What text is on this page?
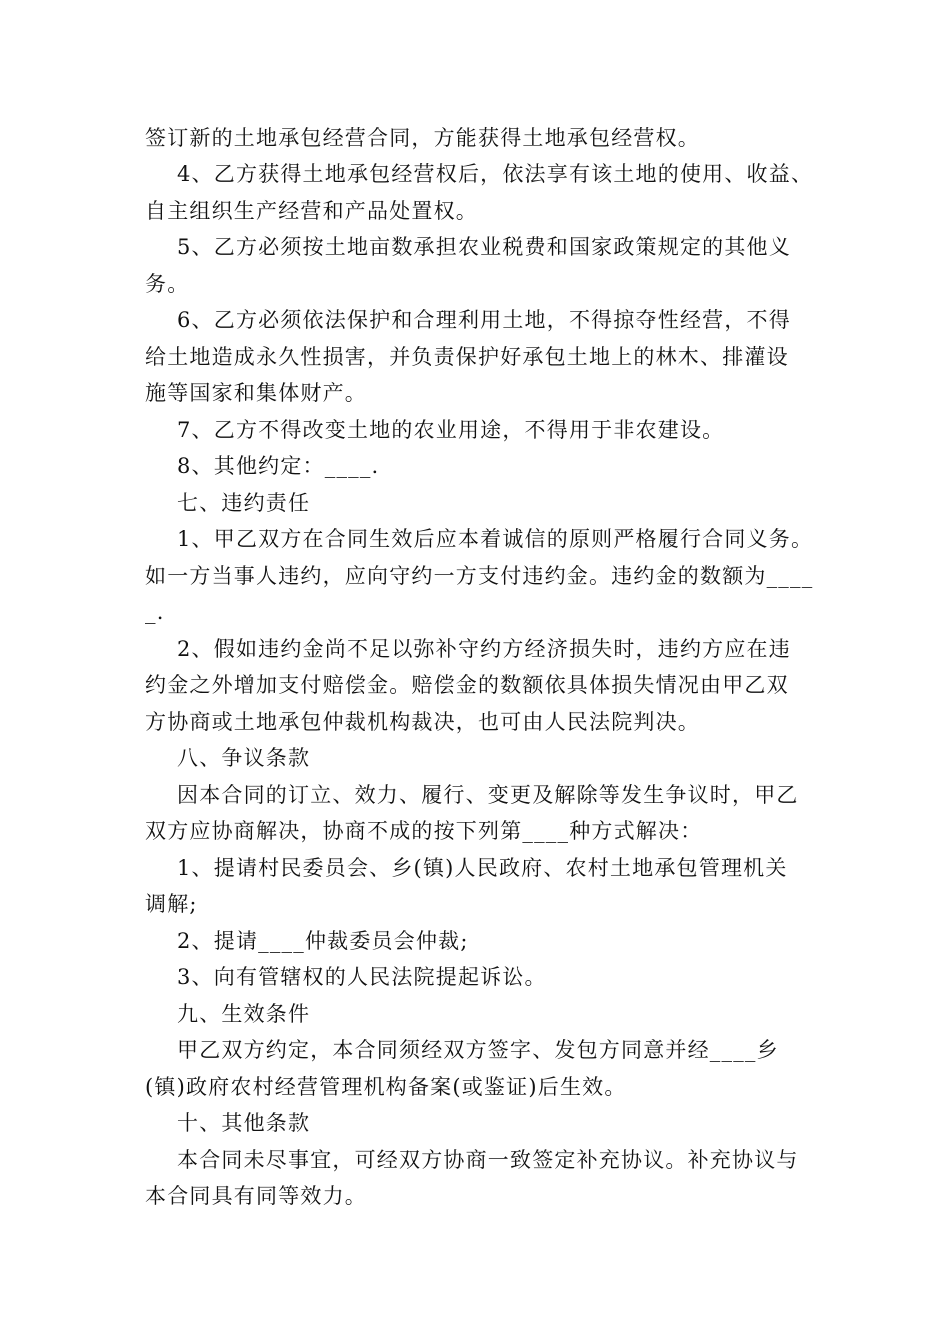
签订新的土地承包经营合同，方能获得土地承包经营权。
4、乙方获得土地承包经营权后，依法享有该土地的使用、收益、
自主组织生产经营和产品处置权。
5、乙方必须按土地亩数承担农业税费和国家政策规定的其他义
务。
6、乙方必须依法保护和合理利用土地，不得掠夺性经营，不得
给土地造成永久性损害，并负责保护好承包土地上的林木、排灌设
施等国家和集体财产。
7、乙方不得改变土地的农业用途，不得用于非农建设。
8、其他约定：____.
七、违约责任
1、甲乙双方在合同生效后应本着诚信的原则严格履行合同义务。
如一方当事人违约，应向守约一方支付违约金。违约金的数额为____
_.
2、假如违约金尚不足以弥补守约方经济损失时，违约方应在违
约金之外增加支付赔偿金。赔偿金的数额依具体损失情况由甲乙双
方协商或土地承包仲裁机构裁决，也可由人民法院判决。
八、争议条款
因本合同的订立、效力、履行、变更及解除等发生争议时，甲乙
双方应协商解决，协商不成的按下列第____种方式解决：
1、提请村民委员会、乡(镇)人民政府、农村土地承包管理机关
调解;
2、提请____仲裁委员会仲裁;
3、向有管辖权的人民法院提起诉讼。
九、生效条件
甲乙双方约定，本合同须经双方签字、发包方同意并经____乡
(镇)政府农村经营管理机构备案(或鉴证)后生效。
十、其他条款
本合同未尽事宜，可经双方协商一致签定补充协议。补充协议与
本合同具有同等效力。
